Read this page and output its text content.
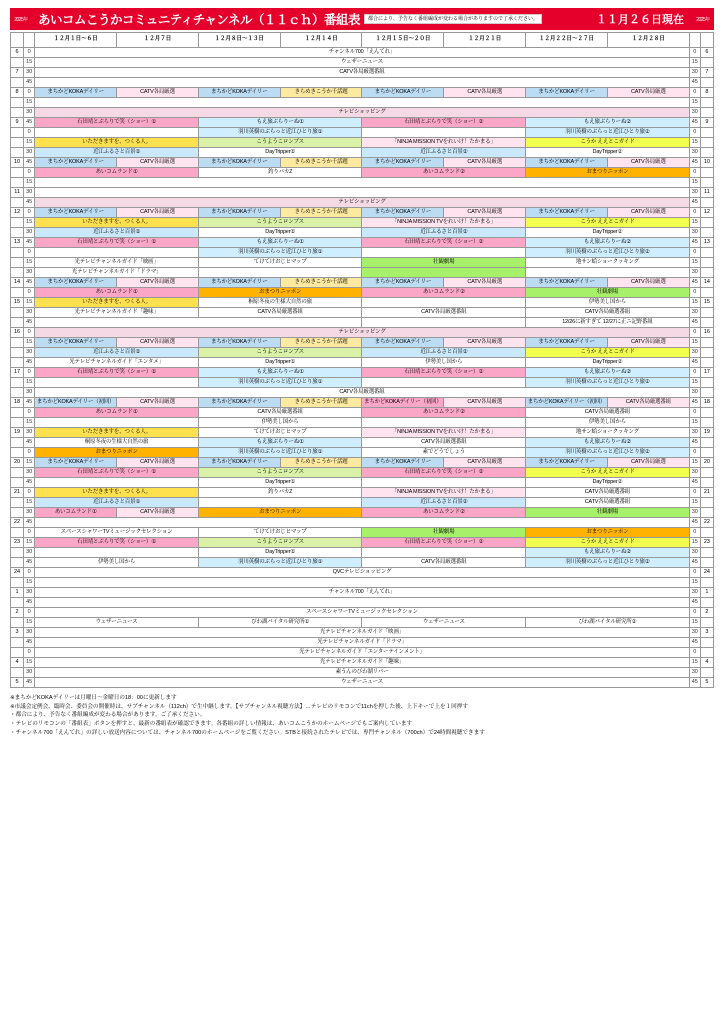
2025年 あいコムこうかコミュニティチャンネル（１１ｃｈ）番組表	都合により、予告なく番組編成が変わる場合がありますので了承ください。	１１月２６日現在	2025年
		１２月１日〜６日	１２月７日	１２月８日〜１３日	１２月１４日	１２月１５日〜２０日	１２月２１日	１２月２２日〜２７日	１２月２８日		
6	0	チャンネル700「えんてれ」								0	6
	15	ウェザーニュース								15	
7	30	CATV各局厳選番組								30	7
	45									45	
8	0	まちかどKOKAデイリー	CATV各局厳選	まちかどKOKAデイリー	きらめきこうか千話題	まちかどKOKAデイリー	CATV各局厳選	まちかどKOKAデイリー	CATV各局厳選	0	8
	15									15	
	30	テレビショッピング								30	
9	45	石田靖とぶらりで笑（ショー）①		もえ旅ぶらりーぬ①		石田靖とぶらりで笑（ショー）②		もえ旅ぶらりーぬ②		45	9
	0			羽川英樹のぶらっと近江ひとり旅①				羽川英樹のぶらっと近江ひとり旅②		0	
	15	いただきますを、つくる人。		こうようこロンブス		「NINJA MISSION TVをれいけ！たかまる」		こうか ええとこガイド		15	
	30	近江ふるさと百景①		DayTripper①		近江ふるさと百景②		DayTripper②		30	
10	45	まちかどKOKAデイリー	CATV各局厳選	まちかどKOKAデイリー	きらめきこうか千話題	まちかどKOKAデイリー	CATV各局厳選	まちかどKOKAデイリー	CATV各局厳選	45	10
	0	あいコムランド①		釣りバカZ		あいコムランド②		おまつりニッポン		0	
	15									15	
11	30									30	11
	45	テレビショッピング								45	
12	0	まちかどKOKAデイリー	CATV各局厳選	まちかどKOKAデイリー	きらめきこうか千話題	まちかどKOKAデイリー	CATV各局厳選	まちかどKOKAデイリー	CATV各局厳選	0	12
	15	いただきますを、つくる人。		こうようこロンブス		「NINJA MISSION TVをれいけ！たかまる」		こうか ええとこガイド		15	
	30	近江ふるさと百景①		DayTripper①		近江ふるさと百景②		DayTripper②		30	
13	45	石田靖とぶらりで笑（ショー）①		もえ旅ぶらりーぬ①		石田靖とぶらりで笑（ショー）②		もえ旅ぶらりーぬ②		45	13
	0			羽川英樹のぶらっと近江ひとり旅①				羽川英樹のぶらっと近江ひとり旅②		0	
	15	光テレビチャンネルガイド「映画」		てけてけおじヒマップ		壮観劇場		地サン蛤ショークッキング		15	
	30	光テレビチャンネルガイド「ドラマ」								30	
14	45	まちかどKOKAデイリー	CATV各局厳選	まちかどKOKAデイリー	きらめきこうか千話題	まちかどKOKAデイリー	CATV各局厳選	まちかどKOKAデイリー	CATV各局厳選	45	14
	0	あいコムランド①		おまつりニッポン		あいコムランド②		壮観劇場		0	
15	15	いただきますを、つくる人。		桐原冬夜の生様大自然の旅				伊勢美し国から		15	15
	30	光テレビチャンネルガイド「趣味」		CATV各局厳選番組		CATV各局厳選番組		CATV各局厳選番組		30	
	45							12/26に新すぎて 12/27に正ニ記野番組		45	
16	0	テレビショッピング								0	16
	15	まちかどKOKAデイリー	CATV各局厳選	まちかどKOKAデイリー	きらめきこうか千話題	まちかどKOKAデイリー	CATV各局厳選	まちかどKOKAデイリー	CATV各局厳選	15	
	30	近江ふるさと百景①		こうようこロンブス		近江ふるさと百景②		こうか ええとこガイド		30	
	45	光テレビチャンネルガイド「エンタメ」		DayTripper①		伊勢美し国から		DayTripper②		45	
17	0	石田靖とぶらりで笑（ショー）①		もえ旅ぶらりーぬ①		石田靖とぶらりで笑（ショー）②		もえ旅ぶらりーぬ②		0	17
	15			羽川英樹のぶらっと近江ひとり旅①				羽川英樹のぶらっと近江ひとり旅②		15	
	30	CATV各局厳選番組								30	
18	45	まちかどKOKAデイリー（初回）	CATV各局厳選	まちかどKOKAデイリー	きらめきこうか千話題	まちかどKOKAデイリー（初回）	CATV各局厳選	まちかどKOKAデイリー（初回）	CATV各局厳選番組	45	18
	0	あいコムランド①		CATV各局厳選番組		あいコムランド②		CATV各局厳選番組		0	
	15			伊勢美し国から				伊勢美し国から		15	
19	30	いただきますを、つくる人。		てけてけおじヒマップ		「NINJA MISSION TVをれいけ！たかまる」		地サン蛤ショークッキング		30	19
	45	桐原冬夜の生様大自然の旅		もえ旅ぶらりーぬ①		CATV各局厳選番組		もえ旅ぶらりーぬ②		45	
	0	おまつりニッポン		羽川英樹のぶらっと近江ひとり旅①		素でどうでしょう		羽川英樹のぶらっと近江ひとり旅②		0	
20	15	まちかどKOKAデイリー	CATV各局厳選	まちかどKOKAデイリー	きらめきこうか千話題	まちかどKOKAデイリー	CATV各局厳選	まちかどKOKAデイリー	CATV各局厳選	15	20
	30	石田靖とぶらりで笑（ショー）①		こうようこロンブス		石田靖とぶらりで笑（ショー）②		こうか ええとこガイド		30	
	45			DayTripper①				DayTripper②		45	
21	0	いただきますを、つくる人。		釣りバカZ		「NINJA MISSION TVをれいけ！たかまる」		CATV各局厳選番組		0	21
	15	近江ふるさと百景①				近江ふるさと百景②		CATV各局厳選番組		15	
	30	あいコムランド①	CATV各局厳選	おまつりニッポン		あいコムランド②		壮観劇場		30	
22	45									45	22
	0	スペースシャワーTVミュージックセレクション		てけてけおじヒマップ		壮観劇場		おまつりニッポン		0	
23	15	石田靖とぶらりで笑（ショー）①		こうようこロンブス		石田靖とぶらりで笑（ショー）②		こうか ええとこガイド		15	23
	30			DayTripper①				もえ旅ぶらりーぬ②		30	
	45	伊勢美し国から		羽川英樹のぶらっと近江ひとり旅①		CATV各局厳選番組		羽川英樹のぶらっと近江ひとり旅②		45	
24	0	QVCテレビショッピング								0	24
	15									15	
1	30	チャンネル700「えんてれ」								30	1
	45									45	
2	0	スペースシャワーTVミュージックセレクション								0	2
	15	ウェザーニュース		びわ湖バイタル研究所①		ウェザーニュース		びわ湖バイタル研究所②		15	
3	30	光テレビチャンネルガイド「映画」								30	3
	45	光テレビチャンネルガイド「ドラマ」								45	
	0	光テレビチャンネルガイド「エンターテインメント」								0	
4	15	光テレビチャンネルガイド「趣味」								15	4
	30	素うんのびわ湖リバー								30	
5	45	ウェザーニュース								45	5
※まちかどKOKAデイリーは月曜日〜金曜日の18：00に更新します
※市議会定例会、臨時会、委員会の開催時は、サブチャンネル（112ch）で生中継します。【サブチャンネル視聴方法】…テレビのリモコンで11chを押した後、上下キーで上を１回押す
・都合により、予告なく番組編成が変わる場合があります。ご了承ください。
・テレビのリモコンの「番組表」ボタンを押すと、最新の番組表が確認できます。各番組の詳しい情報は、あいコムこうかのホームページでもご案内しています
・チャンネル700「えんてれ」の詳しい放送内容については、チャンネル700のホームページをご覧ください。STBと接続されたテレビでは、専門チャンネル（700ch）で24時間視聴できます
